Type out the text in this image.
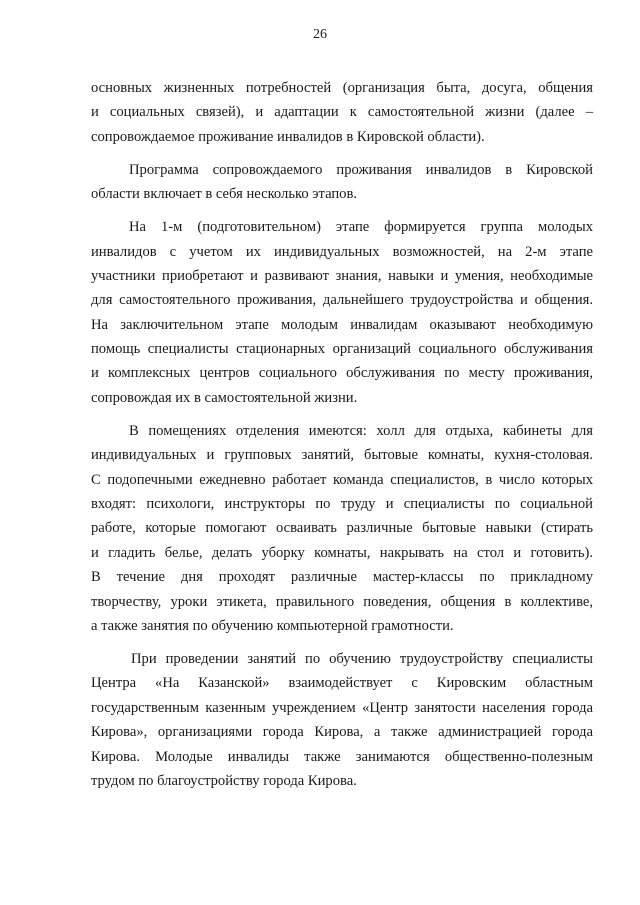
26
основных жизненных потребностей (организация быта, досуга, общения
и социальных связей), и адаптации к самостоятельной жизни (далее –
сопровождаемое проживание инвалидов в Кировской области).
Программа сопровождаемого проживания инвалидов в Кировской
области включает в себя несколько этапов.
На 1-м (подготовительном) этапе формируется группа молодых
инвалидов с учетом их индивидуальных возможностей, на 2-м этапе
участники приобретают и развивают знания, навыки и умения, необходимые
для самостоятельного проживания, дальнейшего трудоустройства и общения.
На заключительном этапе молодым инвалидам оказывают необходимую
помощь специалисты стационарных организаций социального обслуживания
и комплексных центров социального обслуживания по месту проживания,
сопровождая их в самостоятельной жизни.
В помещениях отделения имеются: холл для отдыха, кабинеты для
индивидуальных и групповых занятий, бытовые комнаты, кухня-столовая.
С подопечными ежедневно работает команда специалистов, в число которых
входят: психологи, инструкторы по труду и специалисты по социальной
работе, которые помогают осваивать различные бытовые навыки (стирать
и гладить белье, делать уборку комнаты, накрывать на стол и готовить).
В течение дня проходят различные мастер-классы по прикладному
творчеству, уроки этикета, правильного поведения, общения в коллективе,
а также занятия по обучению компьютерной грамотности.
При проведении занятий по обучению трудоустройству специалисты
Центра «На Казанской» взаимодействует с Кировским областным
государственным казенным учреждением «Центр занятости населения города
Кирова», организациями города Кирова, а также администрацией города
Кирова. Молодые инвалиды также занимаются общественно-полезным
трудом по благоустройству города Кирова.
